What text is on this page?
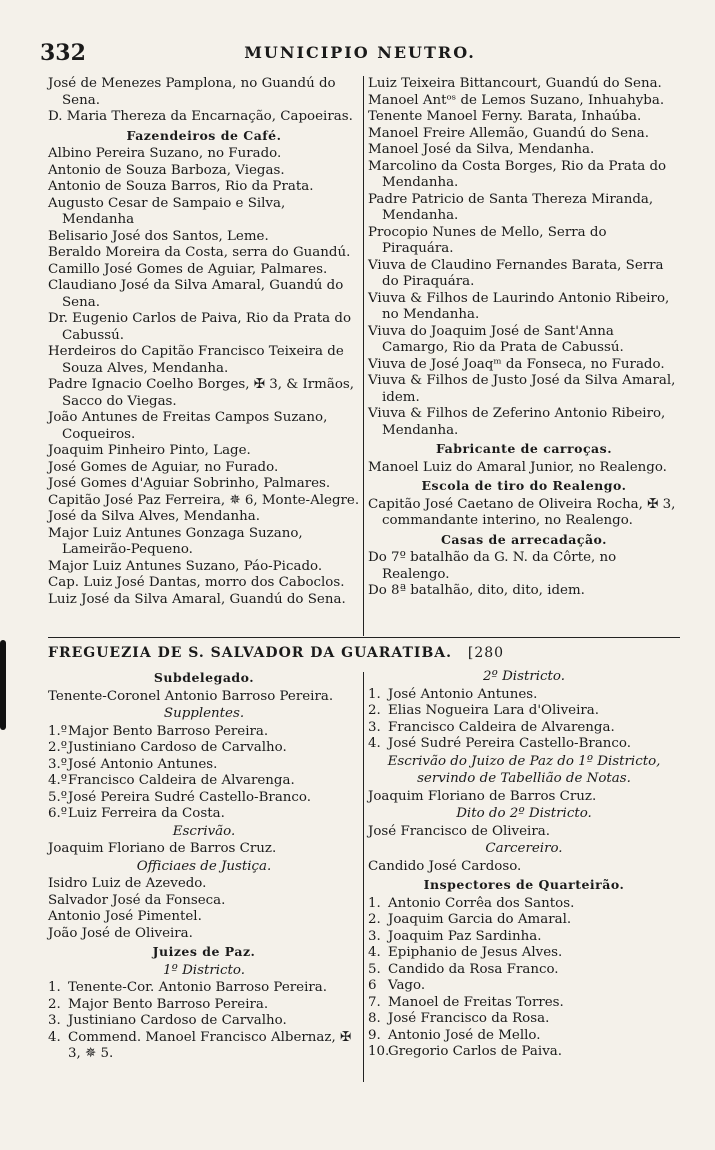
332	MUNICIPIO NEUTRO.
José de Menezes Pamplona, no Guandú do Sena.
D. Maria Thereza da Encarnação, Capoeiras.
Fazendeiros de Café.
Albino Pereira Suzano, no Furado.
Antonio de Souza Barboza, Viegas.
Antonio de Souza Barros, Rio da Prata.
Augusto Cesar de Sampaio e Silva, Mendanha
Belisario José dos Santos, Leme.
Beraldo Moreira da Costa, serra do Guandú.
Camillo José Gomes de Aguiar, Palmares.
Claudiano José da Silva Amaral, Guandú do Sena.
Dr. Eugenio Carlos de Paiva, Rio da Prata do Cabussú.
Herdeiros do Capitão Francisco Teixeira de Souza Alves, Mendanha.
Padre Ignacio Coelho Borges, ✠ 3, & Irmãos, Sacco do Viegas.
João Antunes de Freitas Campos Suzano, Coqueiros.
Joaquim Pinheiro Pinto, Lage.
José Gomes de Aguiar, no Furado.
José Gomes d'Aguiar Sobrinho, Palmares.
Capitão José Paz Ferreira, ✵ 6, Monte-Alegre.
José da Silva Alves, Mendanha.
Major Luiz Antunes Gonzaga Suzano, Lameirão-Pequeno.
Major Luiz Antunes Suzano, Páo-Picado.
Cap. Luiz José Dantas, morro dos Caboclos.
Luiz José da Silva Amaral, Guandú do Sena.
Luiz Teixeira Bittancourt, Guandú do Sena.
Manoel Antᵒˢ de Lemos Suzano, Inhuahyba.
Tenente Manoel Ferny. Barata, Inhaúba.
Manoel Freire Allemão, Guandú do Sena.
Manoel José da Silva, Mendanha.
Marcolino da Costa Borges, Rio da Prata do Mendanha.
Padre Patricio de Santa Thereza Miranda, Mendanha.
Procopio Nunes de Mello, Serra do Piraquára.
Viuva de Claudino Fernandes Barata, Serra do Piraquára.
Viuva & Filhos de Laurindo Antonio Ribeiro, no Mendanha.
Viuva do Joaquim José de Sant'Anna Camargo, Rio da Prata de Cabussú.
Viuva de José Joaqᵐ da Fonseca, no Furado.
Viuva & Filhos de Justo José da Silva Amaral, idem.
Viuva & Filhos de Zeferino Antonio Ribeiro, Mendanha.
Fabricante de carroças.
Manoel Luiz do Amaral Junior, no Realengo.
Escola de tiro do Realengo.
Capitão José Caetano de Oliveira Rocha, ✠ 3, commandante interino, no Realengo.
Casas de arrecadação.
Do 7º batalhão da G. N. da Côrte, no Realengo.
Do 8ª batalhão, dito, dito, idem.
FREGUEZIA DE S. SALVADOR DA GUARATIBA. [280
Subdelegado.
Tenente-Coronel Antonio Barroso Pereira.
Supplentes.
1.ºMajor Bento Barroso Pereira.
2.ºJustiniano Cardoso de Carvalho.
3.ºJosé Antonio Antunes.
4.ºFrancisco Caldeira de Alvarenga.
5.ºJosé Pereira Sudré Castello-Branco.
6.ºLuiz Ferreira da Costa.
Escrivão.
Joaquim Floriano de Barros Cruz.
Officiaes de Justiça.
Isidro Luiz de Azevedo.
Salvador José da Fonseca.
Antonio José Pimentel.
João José de Oliveira.
Juizes de Paz.
1º Districto.
1. Tenente-Cor. Antonio Barroso Pereira.
2. Major Bento Barroso Pereira.
3. Justiniano Cardoso de Carvalho.
4. Commend. Manoel Francisco Albernaz, ✠ 3, ✵ 5.
2º Districto.
1. José Antonio Antunes.
2. Elias Nogueira Lara d'Oliveira.
3. Francisco Caldeira de Alvarenga.
4. José Sudré Pereira Castello-Branco.
Escrivão do Juizo de Paz do 1º Districto,
servindo de Tabellião de Notas.
Joaquim Floriano de Barros Cruz.
Dito do 2º Districto.
José Francisco de Oliveira.
Carcereiro.
Candido José Cardoso.
Inspectores de Quarteirão.
1. Antonio Corrêa dos Santos.
2. Joaquim Garcia do Amaral.
3. Joaquim Paz Sardinha.
4. Epiphanio de Jesus Alves.
5. Candido da Rosa Franco.
6 Vago.
7. Manoel de Freitas Torres.
8. José Francisco da Rosa.
9. Antonio José de Mello.
10.Gregorio Carlos de Paiva.
